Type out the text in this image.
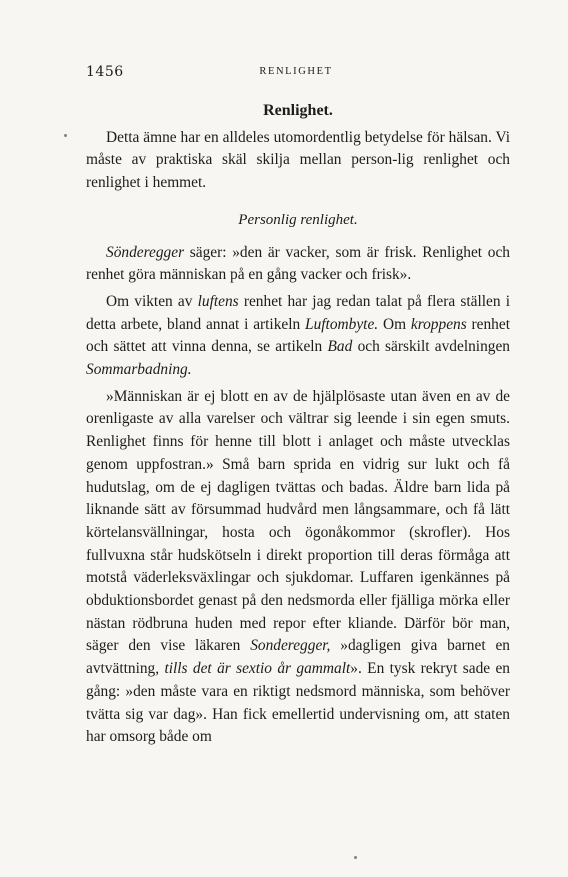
1456	RENLIGHET
Renlighet.

Detta ämne har en alldeles utomordentlig betydelse för hälsan. Vi måste av praktiska skäl skilja mellan person-lig renlighet och renlighet i hemmet.

Personlig renlighet.

Sönderegger säger: »den är vacker, som är frisk. Renlighet och renhet göra människan på en gång vacker och frisk».

Om vikten av luftens renhet har jag redan talat på flera ställen i detta arbete, bland annat i artikeln Luftombyte. Om kroppens renhet och sättet att vinna denna, se artikeln Bad och särskilt avdelningen Sommarbadning.

»Människan är ej blott en av de hjälplösaste utan även en av de orenligaste av alla varelser och vältrar sig leende i sin egen smuts. Renlighet finns för henne till blott i anlaget och måste utvecklas genom uppfostran.» Små barn sprida en vidrig sur lukt och få hudutslag, om de ej dagligen tvättas och badas. Äldre barn lida på liknande sätt av försummad hudvård men långsammare, och få lätt körtelansvällningar, hosta och ögonåkommor (skrofler). Hos fullvuxna står hudskötseln i direkt proportion till deras förmåga att motstå väderleksväxlingar och sjukdomar. Luffaren igenkännes på obduktionsbordet genast på den nedsmorda eller fjälliga mörka eller nästan rödbruna huden med repor efter kliande. Därför bör man, säger den vise läkaren Sonderegger, »dagligen giva barnet en avtvättning, tills det är sextio år gammalt». En tysk rekryt sade en gång: »den måste vara en riktigt nedsmord människa, som behöver tvätta sig var dag». Han fick emellertid undervisning om, att staten har omsorg både om
